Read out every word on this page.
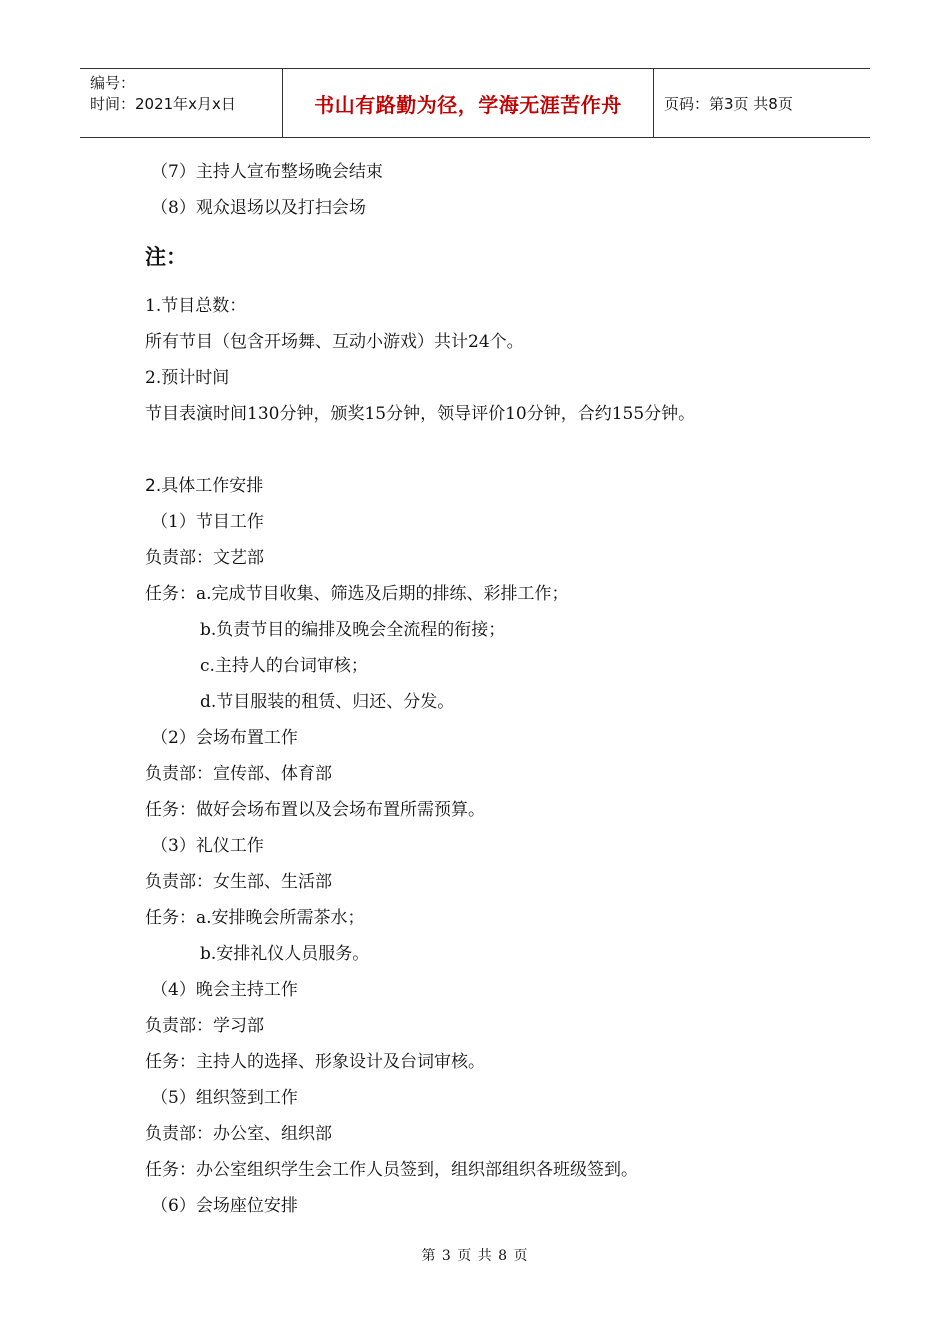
编号：
时间：2021年x月x日	书山有路勤为径，学海无涯苦作舟	页码：第3页 共8页
（7）主持人宣布整场晚会结束
（8）观众退场以及打扫会场
注：
1.节目总数：
所有节目（包含开场舞、互动小游戏）共计24个。
2.预计时间
节目表演时间130分钟，颁奖15分钟，领导评价10分钟，合约155分钟。
2.具体工作安排
（1）节目工作
负责部：文艺部
任务：a.完成节目收集、筛选及后期的排练、彩排工作；
b.负责节目的编排及晚会全流程的衔接；
c.主持人的台词审核；
d.节目服装的租赁、归还、分发。
（2）会场布置工作
负责部：宣传部、体育部
任务：做好会场布置以及会场布置所需预算。
（3）礼仪工作
负责部：女生部、生活部
任务：a.安排晚会所需茶水；
b.安排礼仪人员服务。
（4）晚会主持工作
负责部：学习部
任务：主持人的选择、形象设计及台词审核。
（5）组织签到工作
负责部：办公室、组织部
任务：办公室组织学生会工作人员签到，组织部组织各班级签到。
（6）会场座位安排
第 3 页 共 8 页
